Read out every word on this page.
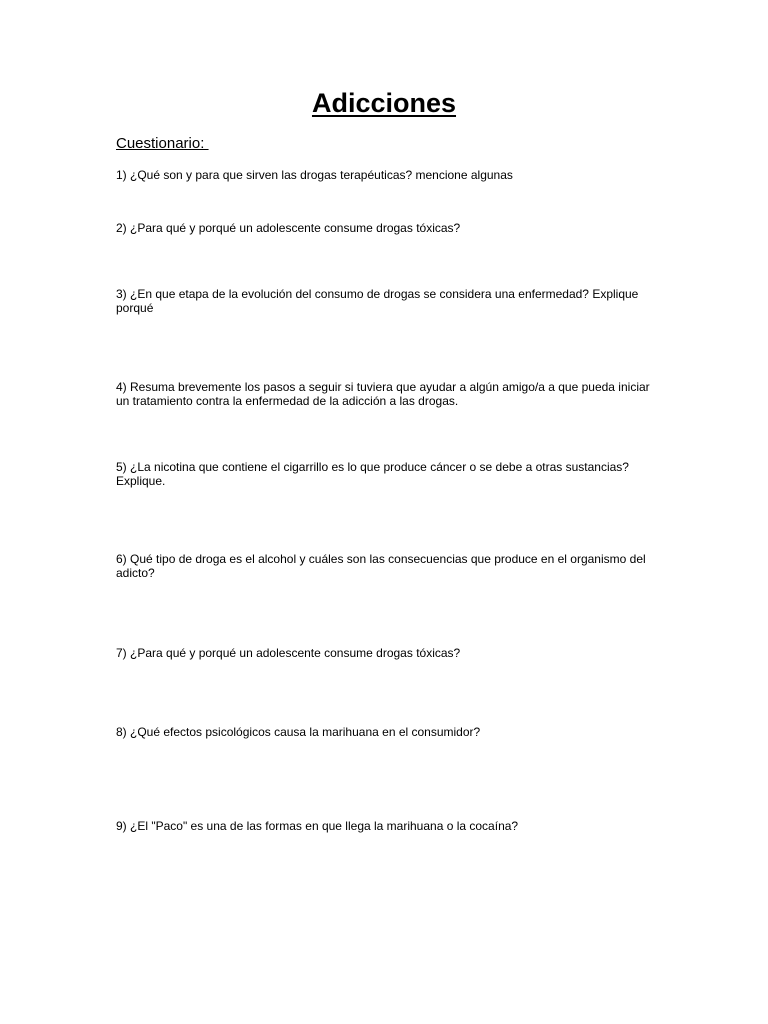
Adicciones

Cuestionario:

1) ¿Qué son y para que sirven las drogas terapéuticas? mencione algunas

2) ¿Para qué y porqué un adolescente consume drogas tóxicas?

3) ¿En que etapa de la evolución del consumo de drogas se considera una enfermedad? Explique porqué

4) Resuma brevemente los pasos a seguir si tuviera que ayudar a algún amigo/a a que pueda iniciar un tratamiento contra la enfermedad de la adicción a las drogas.

5) ¿La nicotina que contiene el cigarrillo es lo que produce cáncer o se debe a otras sustancias? Explique.

6) Qué tipo de droga es el alcohol y cuáles son las consecuencias que produce en el organismo del adicto?

7) ¿Para qué y porqué un adolescente consume drogas tóxicas?

8) ¿Qué efectos psicológicos causa la marihuana en el consumidor?

9) ¿El "Paco" es una de las formas en que llega la marihuana o la cocaína?
